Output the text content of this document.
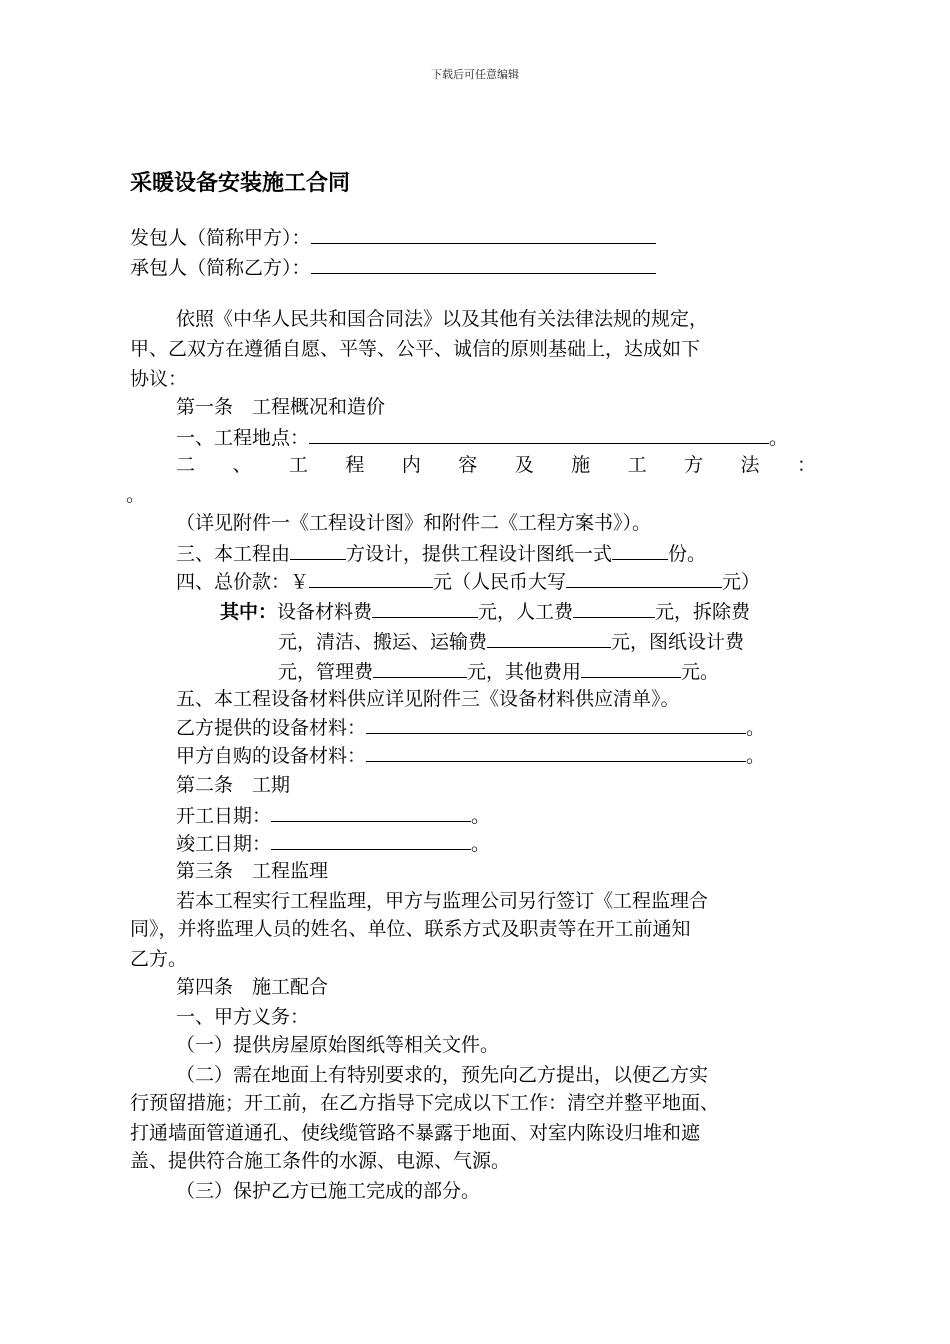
下载后可任意编辑
采暖设备安装施工合同
发包人（简称甲方）：
承包人（简称乙方）：
依照《中华人民共和国合同法》以及其他有关法律法规的规定，
甲、乙双方在遵循自愿、平等、公平、诚信的原则基础上，达成如下
协议：
第一条　工程概况和造价
一、工程地点：	。
二 、 工 程 内 容 及 施 工 方 法 ：
。
（详见附件一《工程设计图》和附件二《工程方案书》）。
三、本工程由	方设计，提供工程设计图纸一式	份。
四、总价款：￥	元（人民币大写	元）
其中：设备材料费	元，人工费	元，拆除费
元，清洁、搬运、运输费	元，图纸设计费
元，管理费	元，其他费用	元。
五、本工程设备材料供应详见附件三《设备材料供应清单》。
乙方提供的设备材料：	。
甲方自购的设备材料：	。
第二条　工期
开工日期：	。
竣工日期：	。
第三条　工程监理
若本工程实行工程监理，甲方与监理公司另行签订《工程监理合
同》，并将监理人员的姓名、单位、联系方式及职责等在开工前通知
乙方。
第四条　施工配合
一、甲方义务：
（一）提供房屋原始图纸等相关文件。
（二）需在地面上有特别要求的，预先向乙方提出，以便乙方实
行预留措施；开工前，在乙方指导下完成以下工作：清空并整平地面、
打通墙面管道通孔、使线缆管路不暴露于地面、对室内陈设归堆和遮
盖、提供符合施工条件的水源、电源、气源。
（三）保护乙方已施工完成的部分。
